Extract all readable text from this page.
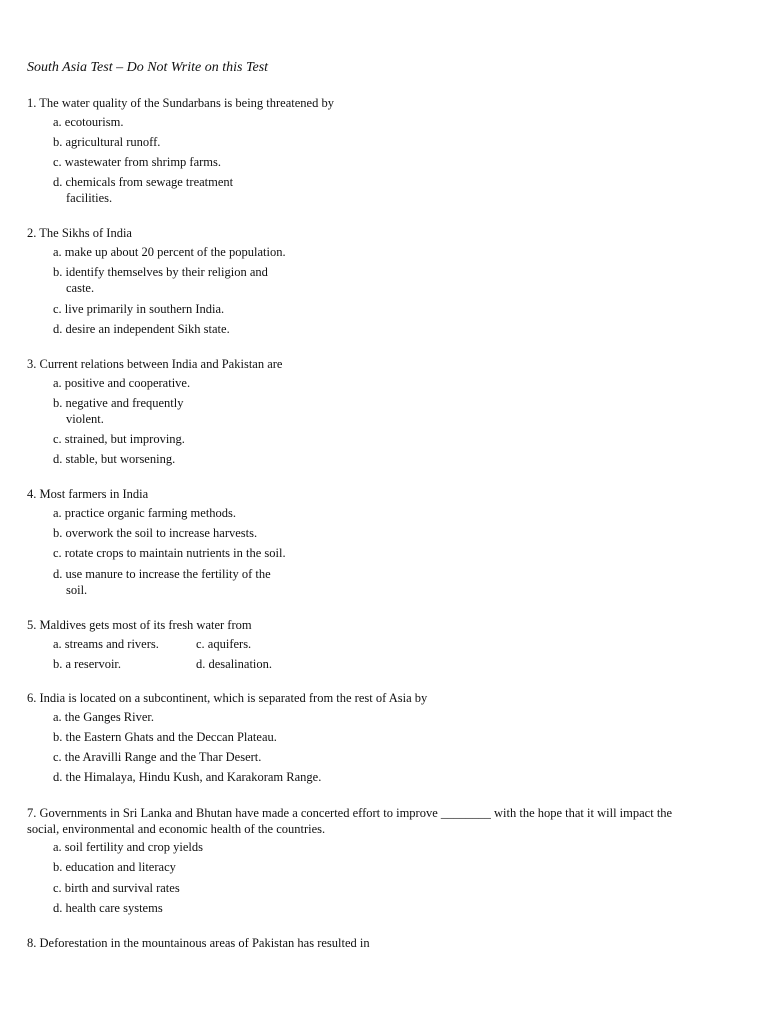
South Asia Test – Do Not Write on this Test
1. The water quality of the Sundarbans is being threatened by
a. ecotourism.
b. agricultural runoff.
c. wastewater from shrimp farms.
d. chemicals from sewage treatment
facilities.
2. The Sikhs of India
a. make up about 20 percent of the population.
b. identify themselves by their religion and
caste.
c. live primarily in southern India.
d. desire an independent Sikh state.
3. Current relations between India and Pakistan are
a. positive and cooperative.
b. negative and frequently
violent.
c. strained, but improving.
d. stable, but worsening.
4. Most farmers in India
a. practice organic farming methods.
b. overwork the soil to increase harvests.
c. rotate crops to maintain nutrients in the soil.
d. use manure to increase the fertility of the
soil.
5. Maldives gets most of its fresh water from
a. streams and rivers.	c. aquifers.
b. a reservoir.	d. desalination.
6. India is located on a subcontinent, which is separated from the rest of Asia by
a. the Ganges River.
b. the Eastern Ghats and the Deccan Plateau.
c. the Aravilli Range and the Thar Desert.
d. the Himalaya, Hindu Kush, and Karakoram Range.
7. Governments in Sri Lanka and Bhutan have made a concerted effort to improve ________ with the hope that it will impact the
social, environmental and economic health of the countries.
a. soil fertility and crop yields
b. education and literacy
c. birth and survival rates
d. health care systems
8. Deforestation in the mountainous areas of Pakistan has resulted in
